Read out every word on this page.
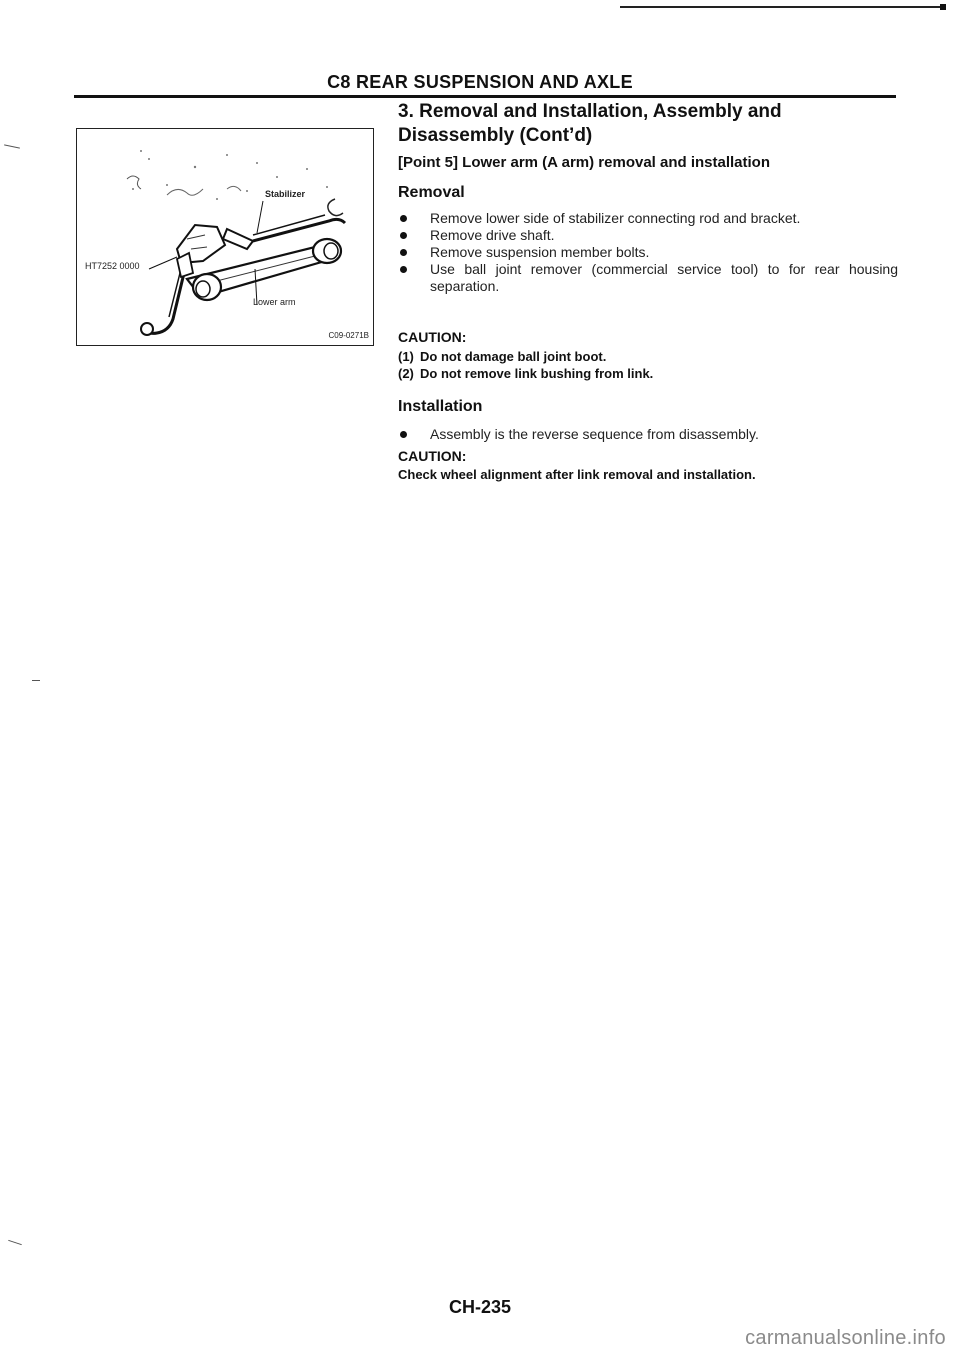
C8 REAR SUSPENSION AND AXLE
3. Removal and Installation, Assembly and
Disassembly (Cont’d)
[Point 5] Lower arm (A arm) removal and installation
Removal
Remove lower side of stabilizer connecting rod and bracket.
Remove drive shaft.
Remove suspension member bolts.
Use ball joint remover (commercial service tool) to for rear housing separation.
CAUTION:
(1) Do not damage ball joint boot.
(2) Do not remove link bushing from link.
Installation
Assembly is the reverse sequence from disassembly.
CAUTION:
Check wheel alignment after link removal and installation.
HT7252 0000
Stabilizer
Lower arm
C09-0271B
CH-235
carmanualsonline.info
